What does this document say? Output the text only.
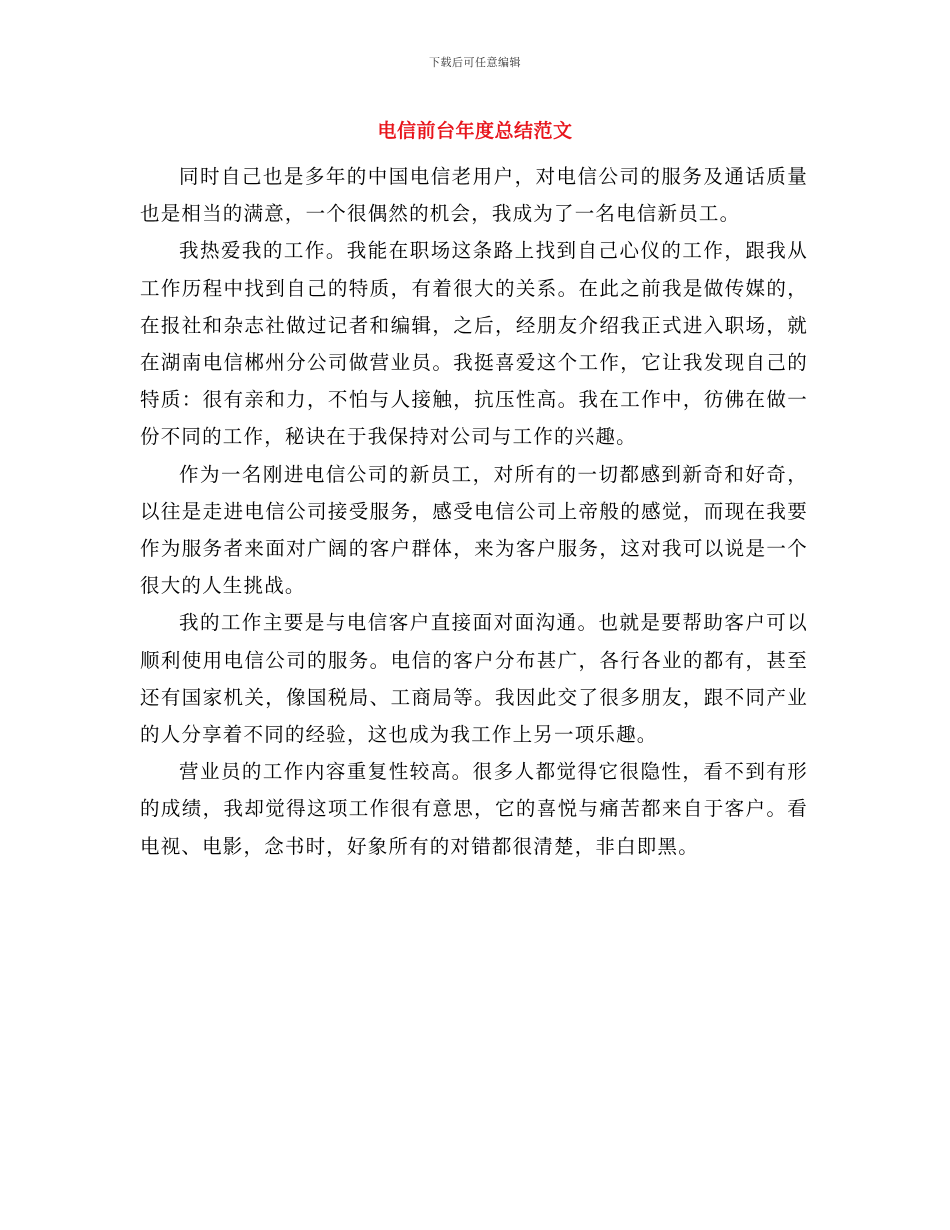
下载后可任意编辑
电信前台年度总结范文

同时自己也是多年的中国电信老用户，对电信公司的服务及通话质量也是相当的满意，一个很偶然的机会，我成为了一名电信新员工。

我热爱我的工作。我能在职场这条路上找到自己心仪的工作，跟我从工作历程中找到自己的特质，有着很大的关系。在此之前我是做传媒的，在报社和杂志社做过记者和编辑，之后，经朋友介绍我正式进入职场，就在湖南电信郴州分公司做营业员。我挺喜爱这个工作，它让我发现自己的特质：很有亲和力，不怕与人接触，抗压性高。我在工作中，彷佛在做一份不同的工作，秘诀在于我保持对公司与工作的兴趣。

作为一名刚进电信公司的新员工，对所有的一切都感到新奇和好奇，以往是走进电信公司接受服务，感受电信公司上帝般的感觉，而现在我要作为服务者来面对广阔的客户群体，来为客户服务，这对我可以说是一个很大的人生挑战。

我的工作主要是与电信客户直接面对面沟通。也就是要帮助客户可以顺利使用电信公司的服务。电信的客户分布甚广，各行各业的都有，甚至还有国家机关，像国税局、工商局等。我因此交了很多朋友，跟不同产业的人分享着不同的经验，这也成为我工作上另一项乐趣。

营业员的工作内容重复性较高。很多人都觉得它很隐性，看不到有形的成绩，我却觉得这项工作很有意思，它的喜悦与痛苦都来自于客户。看电视、电影，念书时，好象所有的对错都很清楚，非白即黑。
